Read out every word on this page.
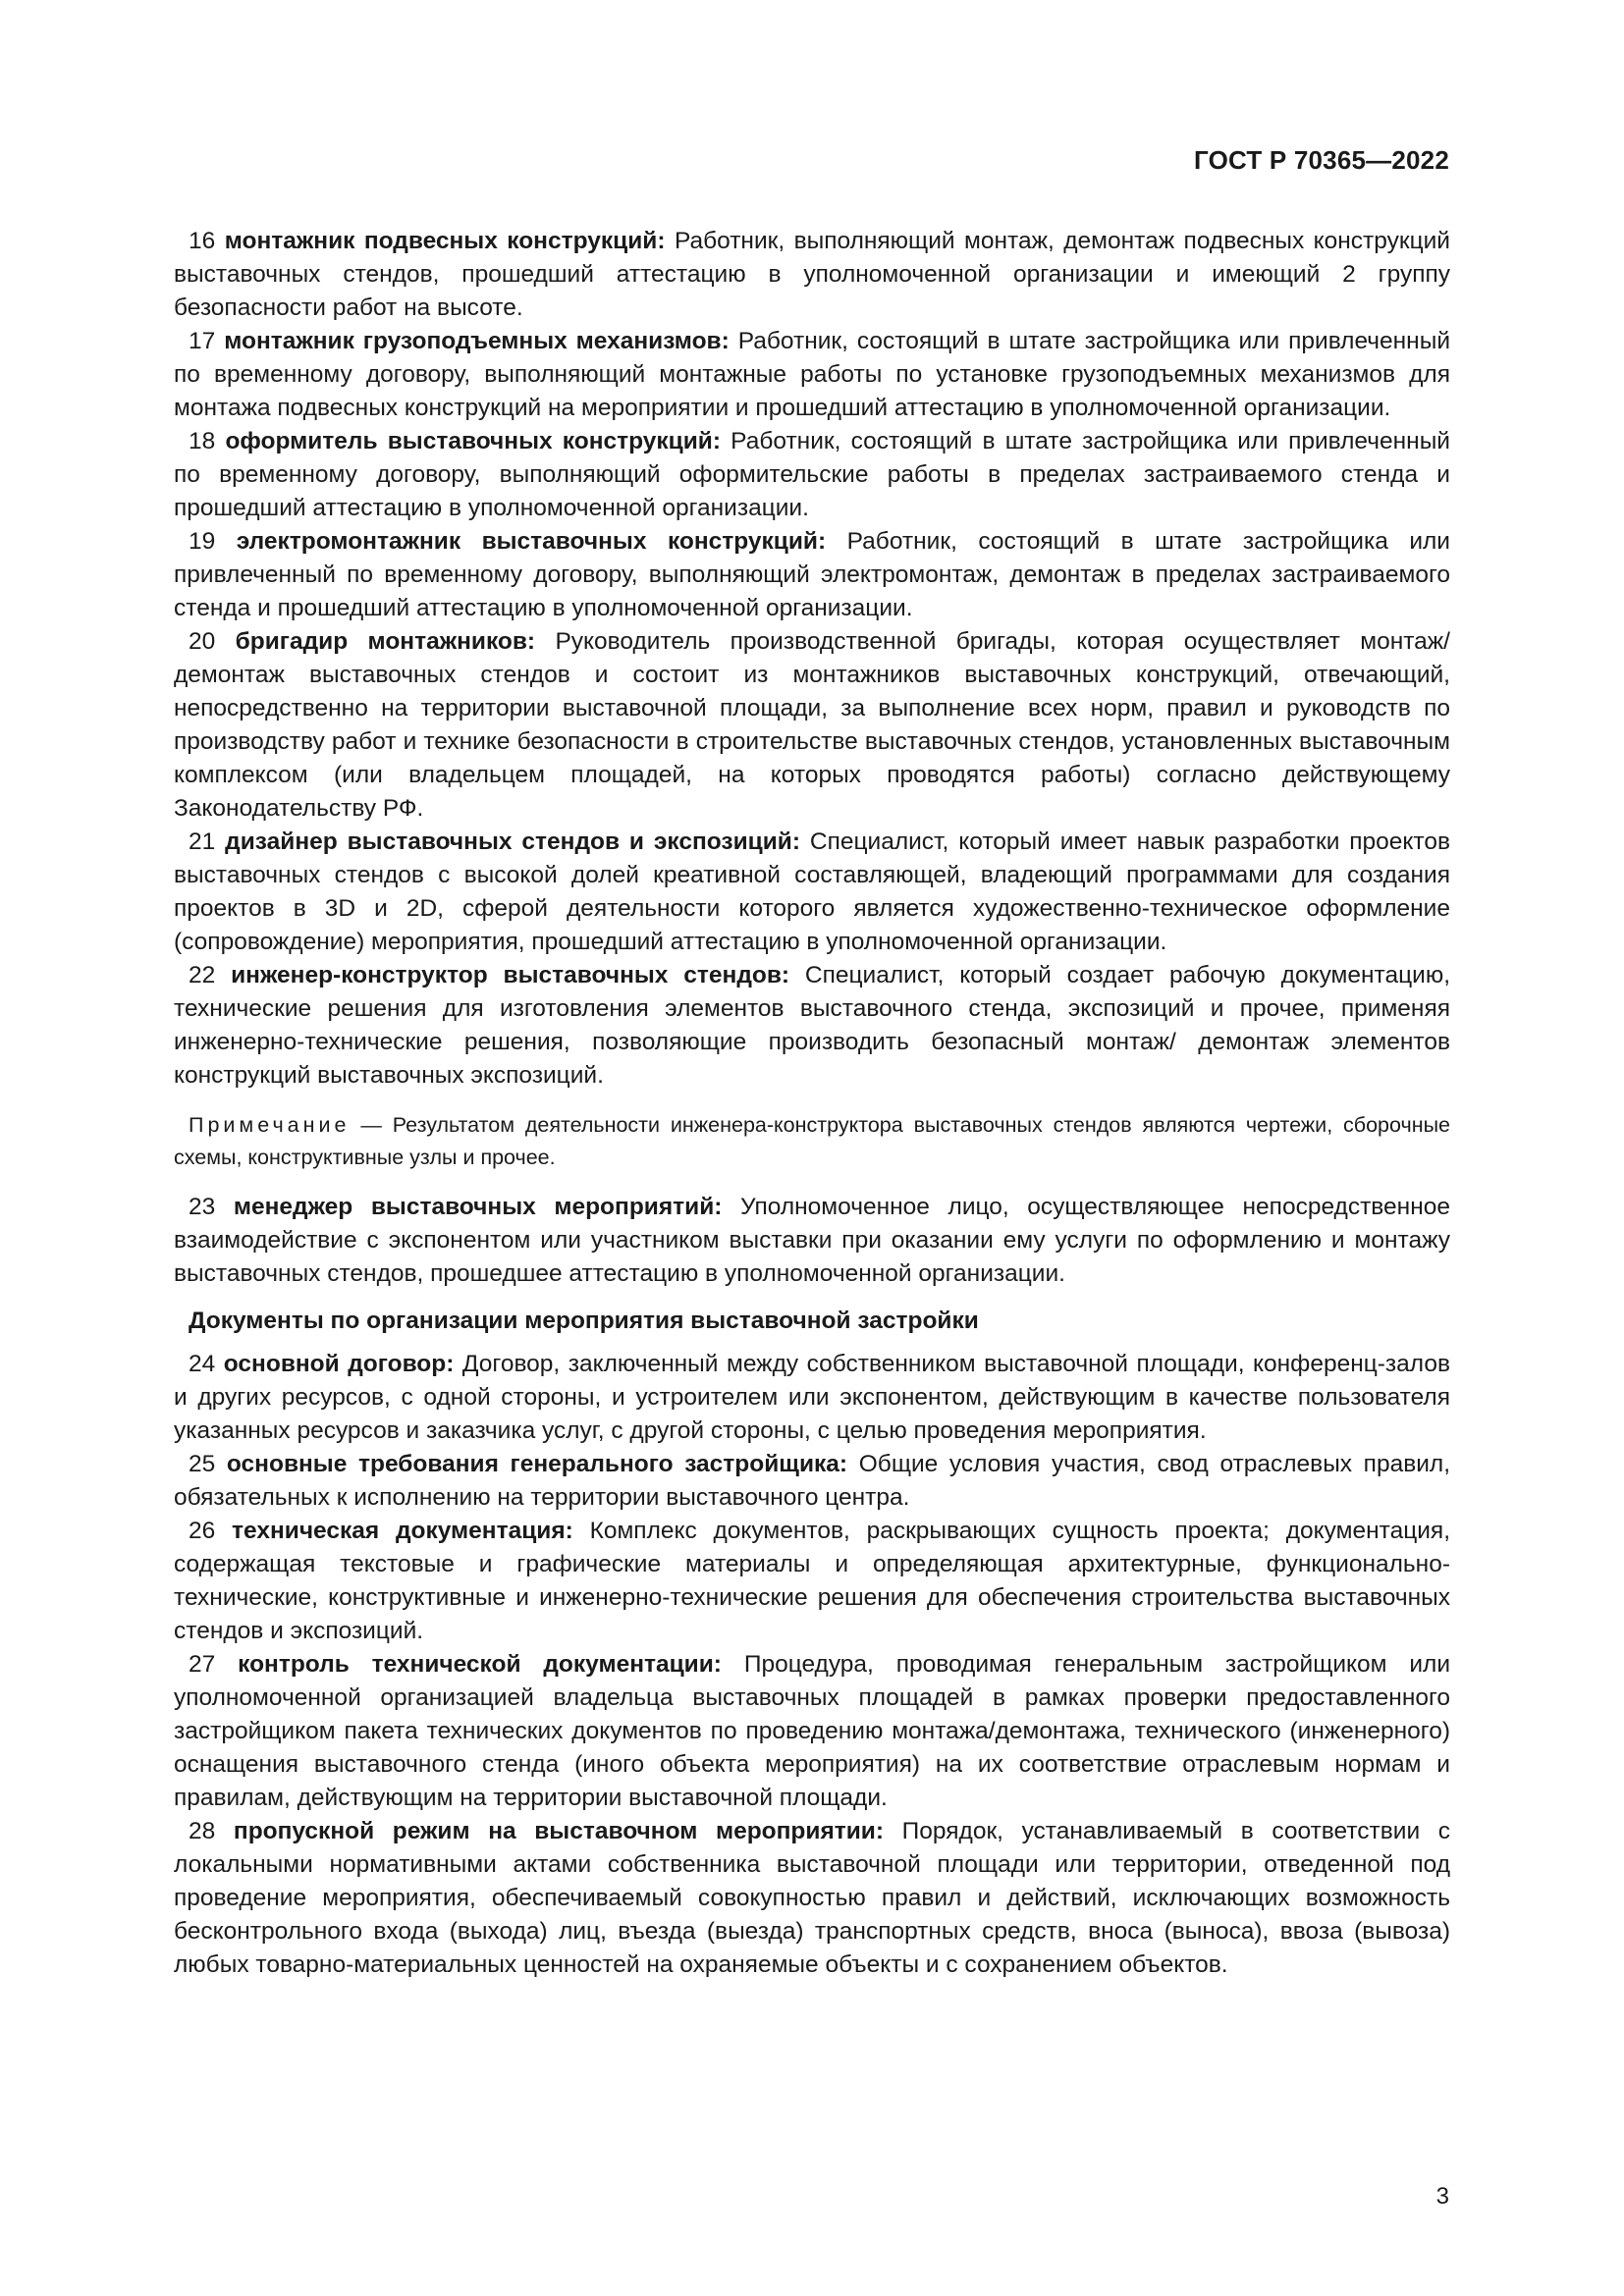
ГОСТ Р 70365—2022

16 монтажник подвесных конструкций: Работник, выполняющий монтаж, демонтаж подвесных конструкций выставочных стендов, прошедший аттестацию в уполномоченной организации и имеющий 2 группу безопасности работ на высоте.

17 монтажник грузоподъемных механизмов: Работник, состоящий в штате застройщика или привлеченный по временному договору, выполняющий монтажные работы по установке грузоподъемных механизмов для монтажа подвесных конструкций на мероприятии и прошедший аттестацию в уполномоченной организации.

18 оформитель выставочных конструкций: Работник, состоящий в штате застройщика или привлеченный по временному договору, выполняющий оформительские работы в пределах застраиваемого стенда и прошедший аттестацию в уполномоченной организации.

19 электромонтажник выставочных конструкций: Работник, состоящий в штате застройщика или привлеченный по временному договору, выполняющий электромонтаж, демонтаж в пределах застраиваемого стенда и прошедший аттестацию в уполномоченной организации.

20 бригадир монтажников: Руководитель производственной бригады, которая осуществляет монтаж/демонтаж выставочных стендов и состоит из монтажников выставочных конструкций, отвечающий, непосредственно на территории выставочной площади, за выполнение всех норм, правил и руководств по производству работ и технике безопасности в строительстве выставочных стендов, установленных выставочным комплексом (или владельцем площадей, на которых проводятся работы) согласно действующему Законодательству РФ.

21 дизайнер выставочных стендов и экспозиций: Специалист, который имеет навык разработки проектов выставочных стендов с высокой долей креативной составляющей, владеющий программами для создания проектов в 3D и 2D, сферой деятельности которого является художественно-техническое оформление (сопровождение) мероприятия, прошедший аттестацию в уполномоченной организации.

22 инженер-конструктор выставочных стендов: Специалист, который создает рабочую документацию, технические решения для изготовления элементов выставочного стенда, экспозиций и прочее, применяя инженерно-технические решения, позволяющие производить безопасный монтаж/ демонтаж элементов конструкций выставочных экспозиций.

Примечание — Результатом деятельности инженера-конструктора выставочных стендов являются чертежи, сборочные схемы, конструктивные узлы и прочее.

23 менеджер выставочных мероприятий: Уполномоченное лицо, осуществляющее непосредственное взаимодействие с экспонентом или участником выставки при оказании ему услуги по оформлению и монтажу выставочных стендов, прошедшее аттестацию в уполномоченной организации.

Документы по организации мероприятия выставочной застройки

24 основной договор: Договор, заключенный между собственником выставочной площади, конференц-залов и других ресурсов, с одной стороны, и устроителем или экспонентом, действующим в качестве пользователя указанных ресурсов и заказчика услуг, с другой стороны, с целью проведения мероприятия.

25 основные требования генерального застройщика: Общие условия участия, свод отраслевых правил, обязательных к исполнению на территории выставочного центра.

26 техническая документация: Комплекс документов, раскрывающих сущность проекта; документация, содержащая текстовые и графические материалы и определяющая архитектурные, функционально-технические, конструктивные и инженерно-технические решения для обеспечения строительства выставочных стендов и экспозиций.

27 контроль технической документации: Процедура, проводимая генеральным застройщиком или уполномоченной организацией владельца выставочных площадей в рамках проверки предоставленного застройщиком пакета технических документов по проведению монтажа/демонтажа, технического (инженерного) оснащения выставочного стенда (иного объекта мероприятия) на их соответствие отраслевым нормам и правилам, действующим на территории выставочной площади.

28 пропускной режим на выставочном мероприятии: Порядок, устанавливаемый в соответствии с локальными нормативными актами собственника выставочной площади или территории, отведенной под проведение мероприятия, обеспечиваемый совокупностью правил и действий, исключающих возможность бесконтрольного входа (выхода) лиц, въезда (выезда) транспортных средств, вноса (выноса), ввоза (вывоза) любых товарно-материальных ценностей на охраняемые объекты и с сохранением объектов.

3
